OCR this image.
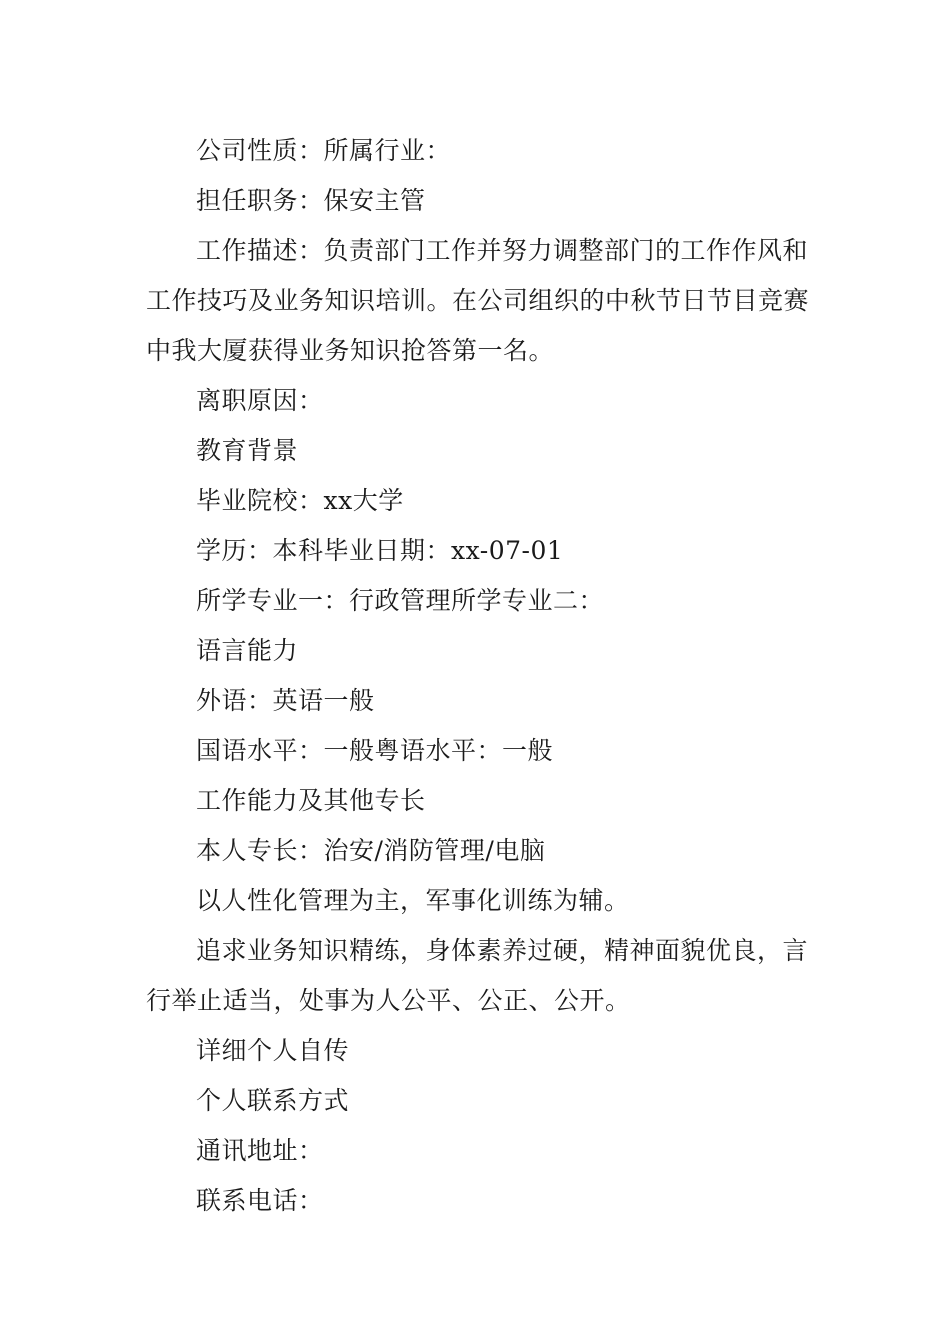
公司性质：所属行业：

担任职务：保安主管

工作描述：负责部门工作并努力调整部门的工作作风和工作技巧及业务知识培训。在公司组织的中秋节日节目竞赛中我大厦获得业务知识抢答第一名。

离职原因：

教育背景

毕业院校：xx大学

学历：本科毕业日期：xx-07-01

所学专业一：行政管理所学专业二：

语言能力

外语：英语一般

国语水平：一般粤语水平：一般

工作能力及其他专长

本人专长：治安/消防管理/电脑

以人性化管理为主，军事化训练为辅。

追求业务知识精练，身体素养过硬，精神面貌优良，言行举止适当，处事为人公平、公正、公开。

详细个人自传

个人联系方式

通讯地址：

联系电话：
